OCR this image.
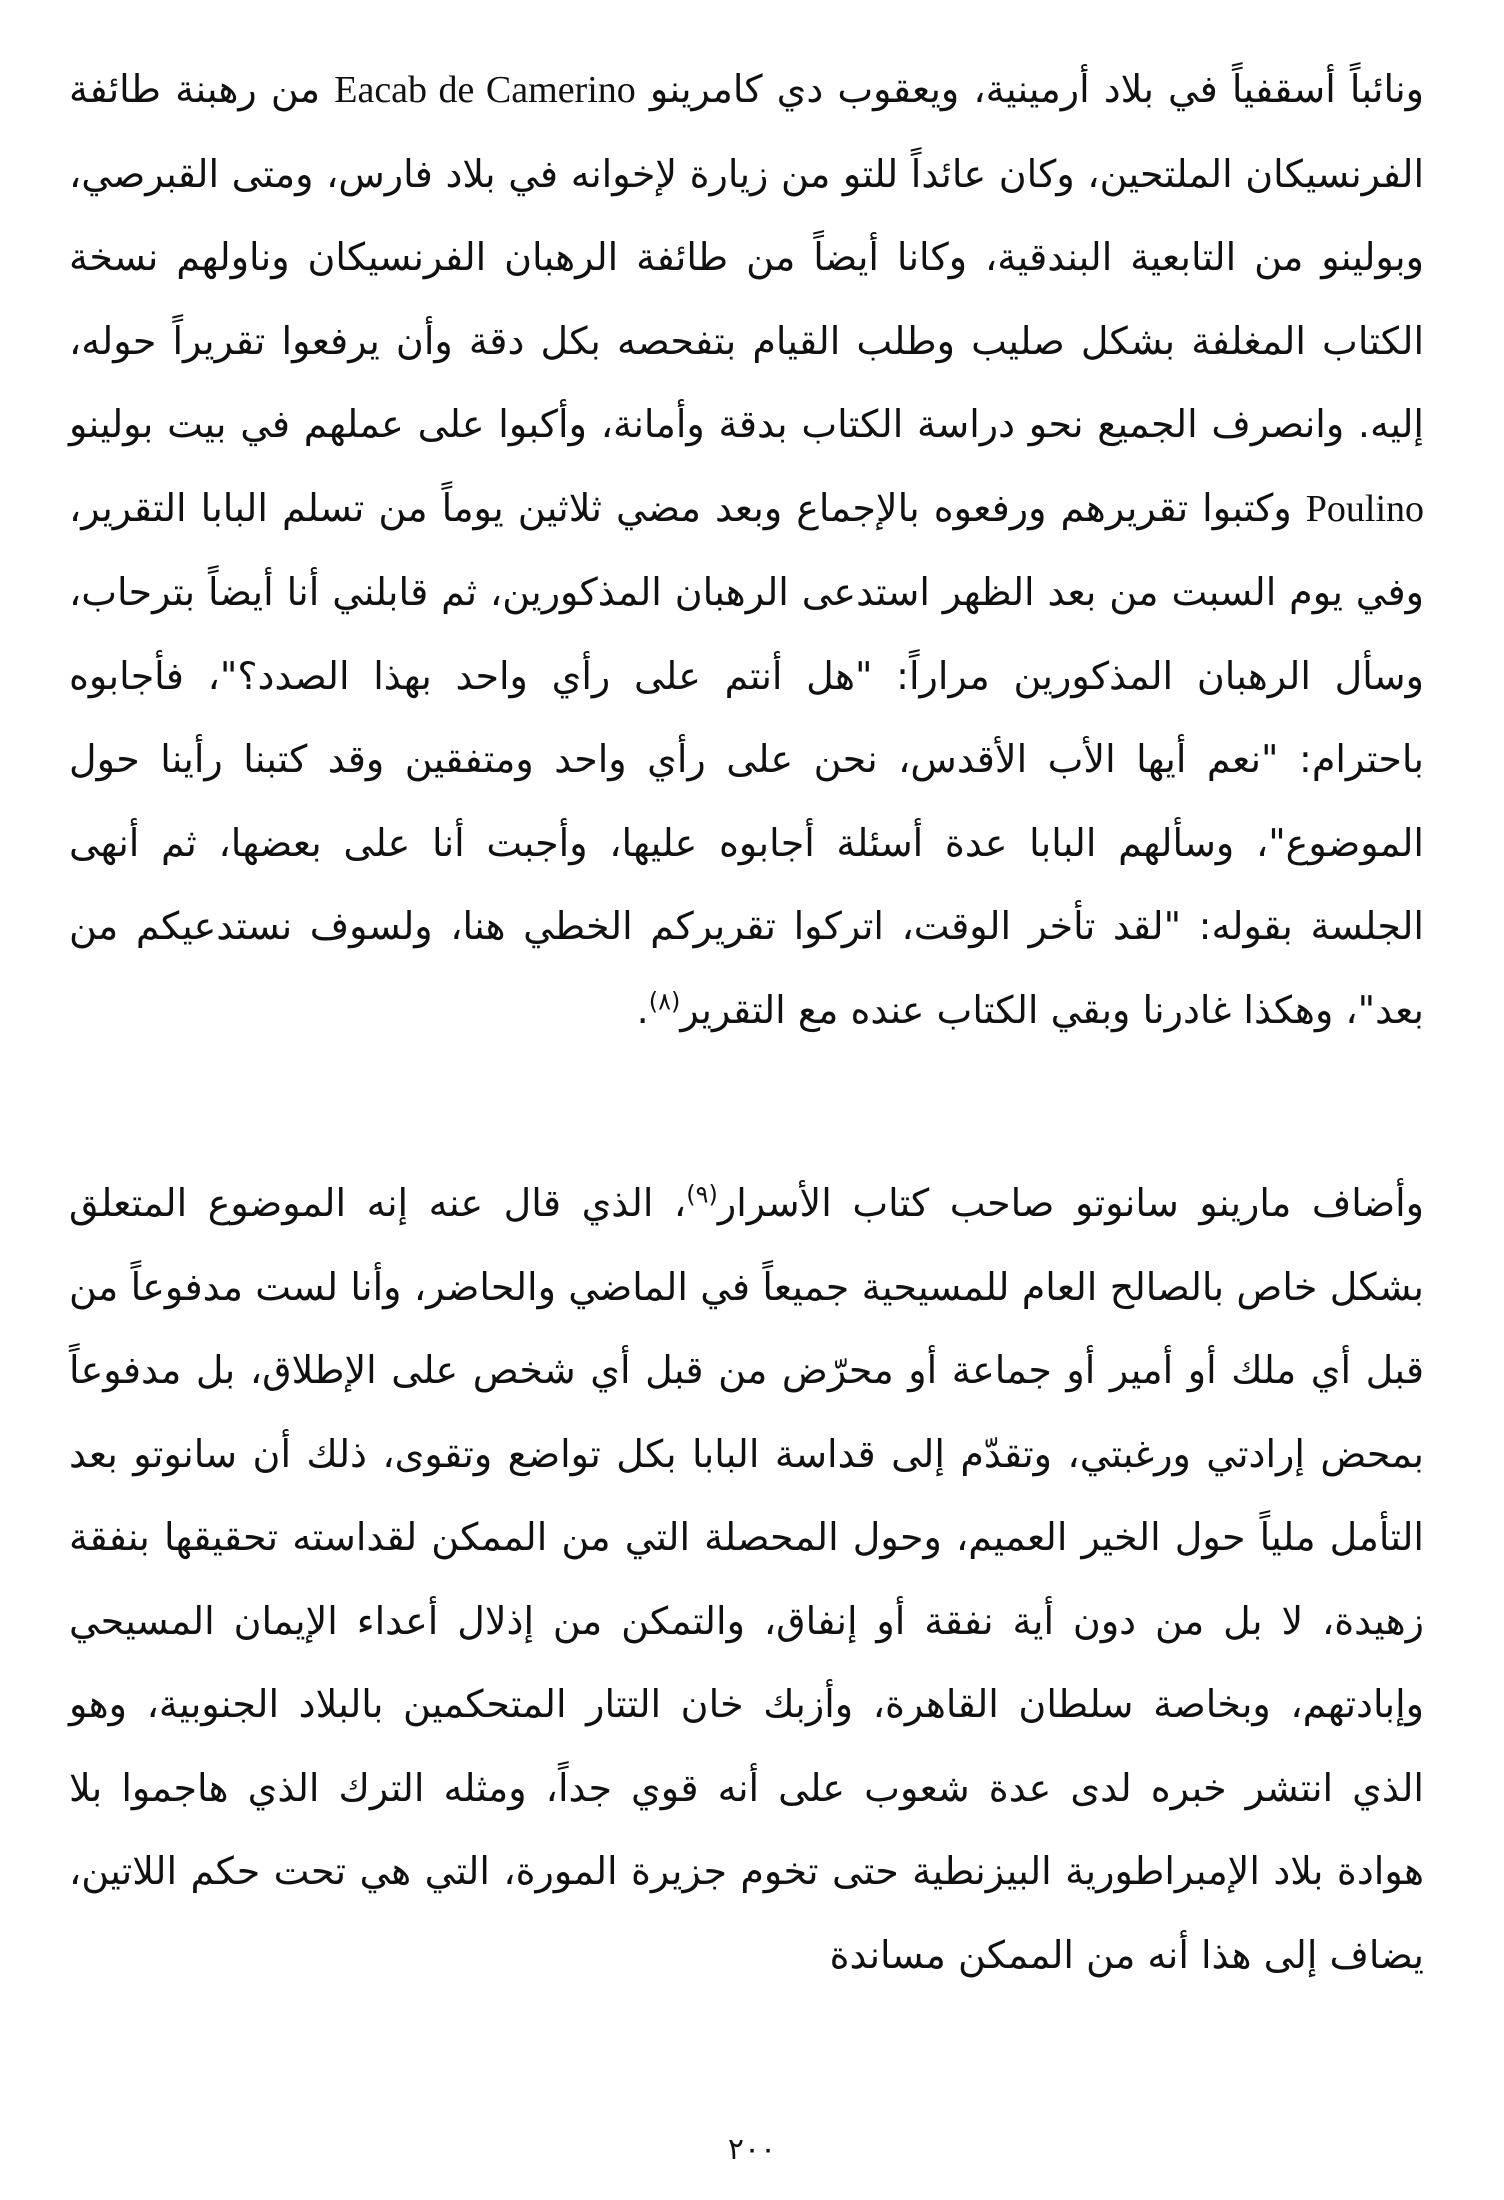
ونائباً أسقفياً في بلاد أرمينية، ويعقوب دي كامرينو Eacab de Camerino من رهبنة طائفة الفرنسيكان الملتحين، وكان عائداً للتو من زيارة لإخوانه في بلاد فارس، ومتى القبرصي، وبولينو من التابعية البندقية، وكانا أيضاً من طائفة الرهبان الفرنسيكان وناولهم نسخة الكتاب المغلفة بشكل صليب وطلب القيام بتفحصه بكل دقة وأن يرفعوا تقريراً حوله، إليه. وانصرف الجميع نحو دراسة الكتاب بدقة وأمانة، وأكبوا على عملهم في بيت بولينو Poulino وكتبوا تقريرهم ورفعوه بالإجماع وبعد مضي ثلاثين يوماً من تسلم البابا التقرير، وفي يوم السبت من بعد الظهر استدعى الرهبان المذكورين، ثم قابلني أنا أيضاً بترحاب، وسأل الرهبان المذكورين مراراً: "هل أنتم على رأي واحد بهذا الصدد؟"، فأجابوه باحترام: "نعم أيها الأب الأقدس، نحن على رأي واحد ومتفقين وقد كتبنا رأينا حول الموضوع"، وسألهم البابا عدة أسئلة أجابوه عليها، وأجبت أنا على بعضها، ثم أنهى الجلسة بقوله: "لقد تأخر الوقت، اتركوا تقريركم الخطي هنا، ولسوف نستدعيكم من بعد"، وهكذا غادرنا وبقي الكتاب عنده مع التقرير$^{(٨)}$.

وأضاف مارينو سانوتو صاحب كتاب الأسرار$^{(٩)}$، الذي قال عنه إنه الموضوع المتعلق بشكل خاص بالصالح العام للمسيحية جميعاً في الماضي والحاضر، وأنا لست مدفوعاً من قبل أي ملك أو أمير أو جماعة أو محرّض من قبل أي شخص على الإطلاق، بل مدفوعاً بمحض إرادتي ورغبتي، وتقدّم إلى قداسة البابا بكل تواضع وتقوى، ذلك أن سانوتو بعد التأمل ملياً حول الخير العميم، وحول المحصلة التي من الممكن لقداسته تحقيقها بنفقة زهيدة، لا بل من دون أية نفقة أو إنفاق، والتمكن من إذلال أعداء الإيمان المسيحي وإبادتهم، وبخاصة سلطان القاهرة، وأزبك خان التتار المتحكمين بالبلاد الجنوبية، وهو الذي انتشر خبره لدى عدة شعوب على أنه قوي جداً، ومثله الترك الذي هاجموا بلا هوادة بلاد الإمبراطورية البيزنطية حتى تخوم جزيرة المورة، التي هي تحت حكم اللاتين، يضاف إلى هذا أنه من الممكن مساندة

٢٠٠
